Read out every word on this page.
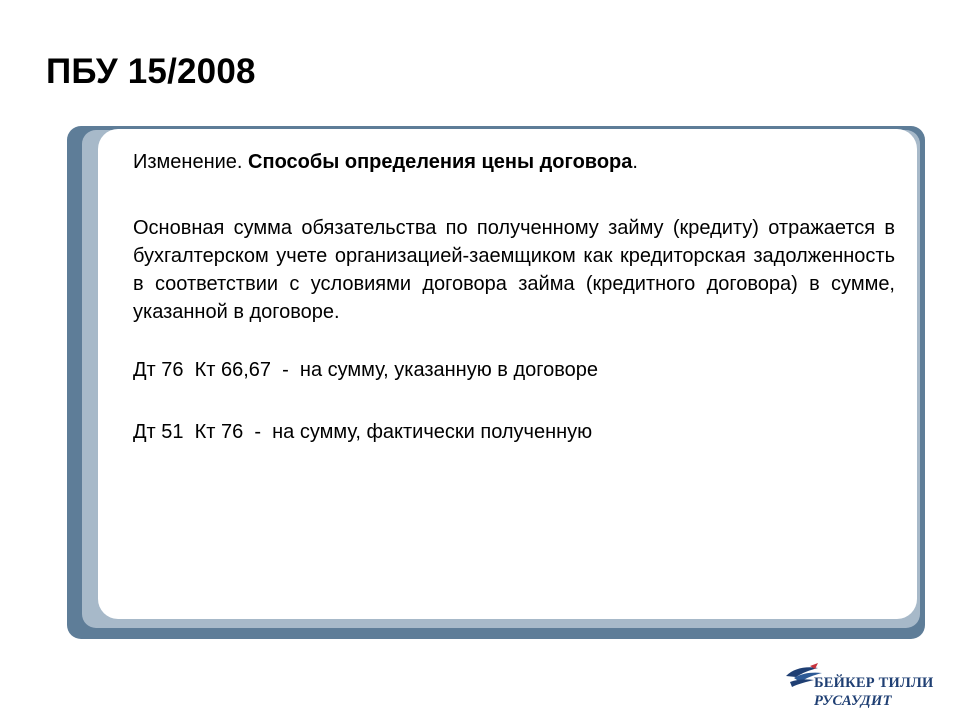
ПБУ 15/2008

Изменение. Способы определения цены договора.

Основная сумма обязательства по полученному займу (кредиту) отражается в бухгалтерском учете организацией-заемщиком как кредиторская задолженность в соответствии с условиями договора займа (кредитного договора) в сумме, указанной в договоре.

Дт 76  Кт 66,67  -  на сумму, указанную в договоре

Дт 51  Кт 76  -  на сумму, фактически полученную

БЕЙКЕР ТИЛЛИ
РУСАУДИТ
